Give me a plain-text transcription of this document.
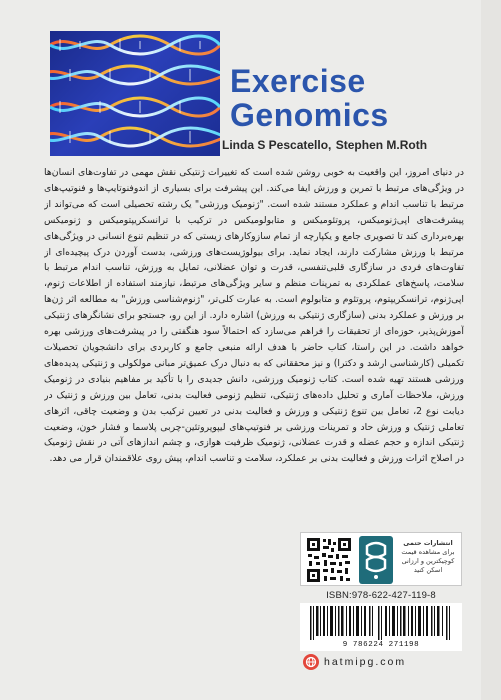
Exercise
Genomics
Linda S Pescatello, Stephen M.Roth
در دنیای امروز، این واقعیت به خوبی روشن شده است که تغییرات ژنتیکی نقش مهمی در تفاوت‌های انسان‌ها در ویژگی‌های مرتبط با تمرین و ورزش ایفا می‌کند. این پیشرفت برای بسیاری از اندوفنوتایپ‌ها و فنوتیپ‌های مرتبط با تناسب اندام و عملکرد مستند شده است. "ژنومیک ورزشی" یک رشته تحصیلی است که می‌تواند از پیشرفت‌های اپی‌ژنومیکس، پروتئومیکس و متابولومیکس در ترکیب با ترانسکریپتومیکس و ژنومیکس بهره‌برداری کند تا تصویری جامع و یکپارچه از تمام سازوکارهای زیستی که در تنظیم تنوع انسانی در ویژگی‌های مرتبط با ورزش مشارکت دارند، ایجاد نماید. برای بیولوژیست‌های ورزشی، بدست آوردن درک پیچیده‌ای از تفاوت‌های فردی در سازگاری قلبی‌تنفسی، قدرت و توان عضلانی، تمایل به ورزش، تناسب اندام مرتبط با سلامت، پاسخ‌های عملکردی به تمرینات منظم و سایر ویژگی‌های مرتبط، نیازمند استفاده از اطلاعات ژنوم، اپی‌ژنوم، ترانسکریپتوم، پروتئوم و متابولوم است. به عبارت کلی‌تر، "ژنوم‌شناسی ورزش" به مطالعه اثر ژن‌ها بر ورزش و عملکرد بدنی (سازگاری ژنتیکی به ورزش) اشاره دارد. از این رو، جستجو برای نشانگرهای ژنتیکی آموزش‌پذیر، حوزه‌ای از تحقیقات را فراهم می‌سازد که احتمالاً سود هنگفتی را در پیشرفت‌های ورزشی بهره خواهد داشت. در این راستا، کتاب حاضر با هدف ارائه منبعی جامع و کاربردی برای دانشجویان تحصیلات تکمیلی (کارشناسی ارشد و دکترا) و نیز محققانی که به دنبال درک عمیق‌تر مبانی مولکولی و ژنتیکی پدیده‌های ورزشی هستند تهیه شده است. کتاب ژنومیک ورزشی، دانش جدیدی را با تأکید بر مفاهیم بنیادی در ژنومیک ورزش، ملاحظات آماری و تحلیل داده‌های ژنتیکی، تنظیم ژنومی فعالیت بدنی، تعامل بین ورزش و ژنتیک در دیابت نوع 2، تعامل بین تنوع ژنتیکی و ورزش و فعالیت بدنی در تعیین ترکیب بدن و وضعیت چاقی، اثرهای تعاملی ژنتیک و ورزش حاد و تمرینات ورزشی بر فنوتیپ‌های لیپوپروتئین-چربی پلاسما و فشار خون، وضعیت ژنتیکی اندازه و حجم عضله و قدرت عضلانی، ژنومیک ظرفیت هوازی، و چشم اندازهای آتی در نقش ژنومیک در اصلاح اثرات ورزش و فعالیت بدنی بر عملکرد، سلامت و تناسب اندام، پیش روی علاقمندان قرار می دهد.
انتشارات حتمی
برای مشاهده قیمت
کوچیکترین و ارزانی
اسکن کنید
ISBN:978-622-427-119-8
9 786224 271198
hatmipg.com
